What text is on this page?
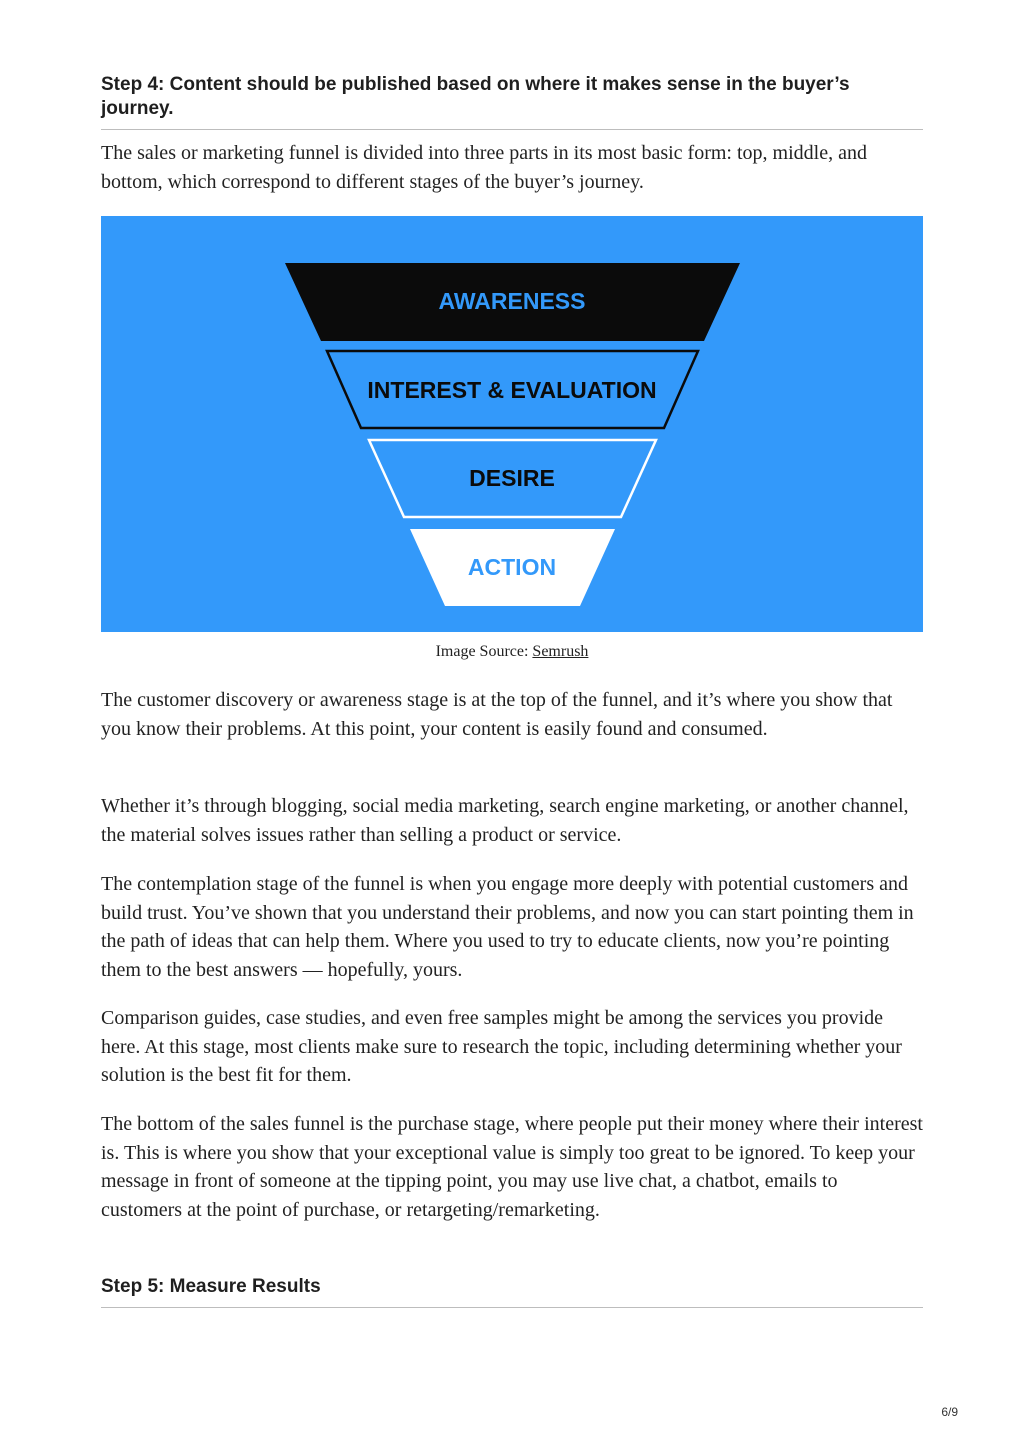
Step 4: Content should be published based on where it makes sense in the buyer’s journey.

The sales or marketing funnel is divided into three parts in its most basic form: top, middle, and bottom, which correspond to different stages of the buyer’s journey.

AWARENESS
INTEREST & EVALUATION
DESIRE
ACTION
Image Source: Semrush

The customer discovery or awareness stage is at the top of the funnel, and it’s where you show that you know their problems. At this point, your content is easily found and consumed.

Whether it’s through blogging, social media marketing, search engine marketing, or another channel, the material solves issues rather than selling a product or service.

The contemplation stage of the funnel is when you engage more deeply with potential customers and build trust. You’ve shown that you understand their problems, and now you can start pointing them in the path of ideas that can help them. Where you used to try to educate clients, now you’re pointing them to the best answers — hopefully, yours.

Comparison guides, case studies, and even free samples might be among the services you provide here. At this stage, most clients make sure to research the topic, including determining whether your solution is the best fit for them.

The bottom of the sales funnel is the purchase stage, where people put their money where their interest is. This is where you show that your exceptional value is simply too great to be ignored. To keep your message in front of someone at the tipping point, you may use live chat, a chatbot, emails to customers at the point of purchase, or retargeting/remarketing.

Step 5: Measure Results
6/9
